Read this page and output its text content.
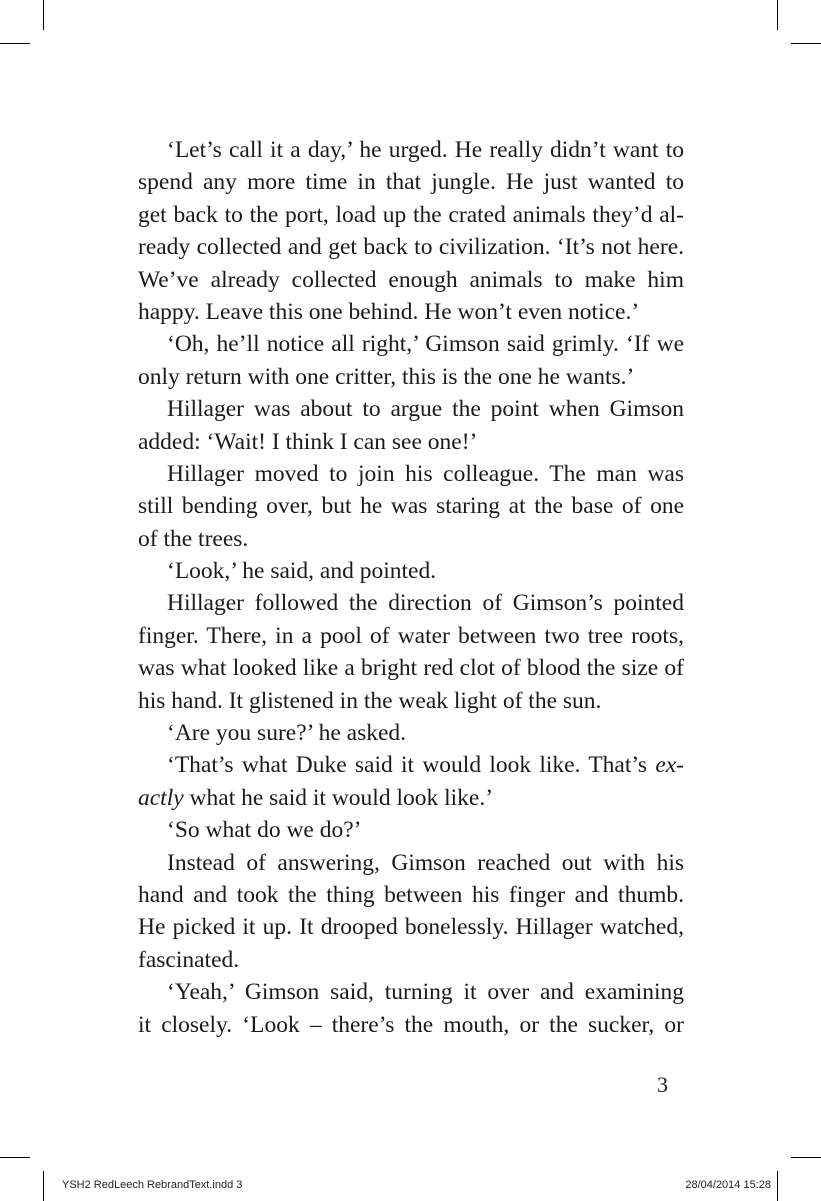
‘Let’s call it a day,’ he urged. He really didn’t want to
spend any more time in that jungle. He just wanted to
get back to the port, load up the crated animals they’d al-
ready collected and get back to civilization. ‘It’s not here.
We’ve already collected enough animals to make him
happy. Leave this one behind. He won’t even notice.’
‘Oh, he’ll notice all right,’ Gimson said grimly. ‘If we
only return with one critter, this is the one he wants.’
Hillager was about to argue the point when Gimson
added: ‘Wait! I think I can see one!’
Hillager moved to join his colleague. The man was
still bending over, but he was staring at the base of one
of the trees.
‘Look,’ he said, and pointed.
Hillager followed the direction of Gimson’s pointed
finger. There, in a pool of water between two tree roots,
was what looked like a bright red clot of blood the size of
his hand. It glistened in the weak light of the sun.
‘Are you sure?’ he asked.
‘That’s what Duke said it would look like. That’s ex-
actly what he said it would look like.’
‘So what do we do?’
Instead of answering, Gimson reached out with his
hand and took the thing between his finger and thumb.
He picked it up. It drooped bonelessly. Hillager watched,
fascinated.
‘Yeah,’ Gimson said, turning it over and examining
it closely. ‘Look – there’s the mouth, or the sucker, or
3
YSH2 RedLeech RebrandText.indd 3	28/04/2014 15:28
